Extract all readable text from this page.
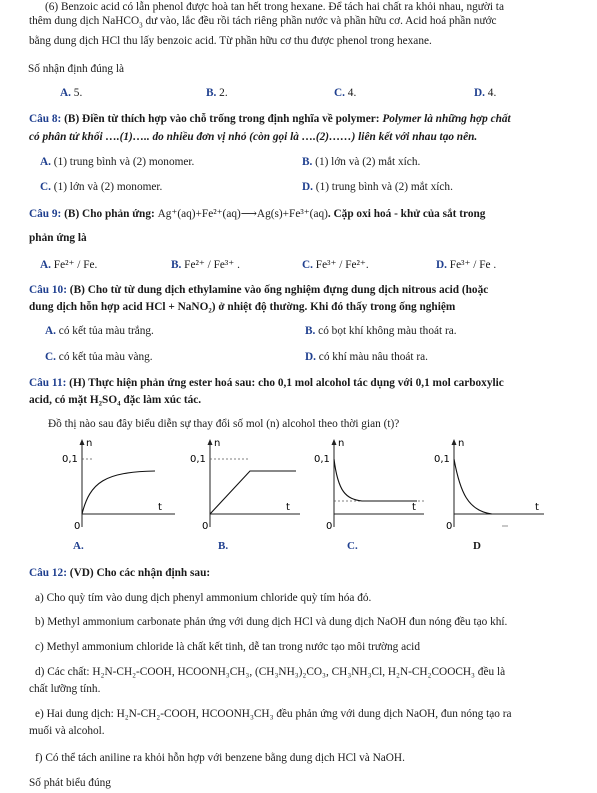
(6) Benzoic acid có lẫn phenol được hoà tan hết trong hexane. Để tách hai chất ra khỏi nhau, người ta
thêm dung dịch NaHCO$_3$ dư vào, lắc đều rồi tách riêng phần nước và phần hữu cơ. Acid hoá phần nước
bằng dung dịch HCl thu lấy benzoic acid. Từ phần hữu cơ thu được phenol trong hexane.
Số nhận định đúng là
A. 5.	B. 2.	C. 4.	D. 4.
Câu 8: (B) Điền từ thích hợp vào chỗ trống trong định nghĩa về polymer: Polymer là những hợp chất
có phân tử khối ….(1)….. do nhiều đơn vị nhỏ (còn gọi là ….(2)……) liên kết với nhau tạo nên.
A. (1) trung bình và (2) monomer.	B. (1) lớn và (2) mắt xích.
C. (1) lớn và (2) monomer.	D. (1) trung bình và (2) mắt xích.
Câu 9: (B) Cho phản ứng: Ag⁺(aq)+Fe²⁺(aq)⟶Ag(s)+Fe³⁺(aq). Cặp oxi hoá - khử của sắt trong
phản ứng là
A. Fe²⁺ / Fe.	B. Fe²⁺ / Fe³⁺ .	C. Fe³⁺ / Fe²⁺.	D. Fe³⁺ / Fe .
Câu 10: (B) Cho từ từ dung dịch ethylamine vào ống nghiệm đựng dung dịch nitrous acid (hoặc
dung dịch hỗn hợp acid HCl + NaNO₂) ở nhiệt độ thường. Khi đó thấy trong ống nghiệm
A. có kết tủa màu trắng.	B. có bọt khí không màu thoát ra.
C. có kết tủa màu vàng.	D. có khí màu nâu thoát ra.
Câu 11: (H) Thực hiện phản ứng ester hoá sau: cho 0,1 mol alcohol tác dụng với 0,1 mol carboxylic
acid, có mặt H₂SO₄ đặc làm xúc tác.
Đồ thị nào sau đây biểu diễn sự thay đổi số mol (n) alcohol theo thời gian (t)?
n
0,1
t
0
A.
n
0,1
t
0
B.
n
0,1
t
0
C.
n
0,1
t
0
D
Câu 12: (VD) Cho các nhận định sau:
a) Cho quỳ tím vào dung dịch phenyl ammonium chloride quỳ tím hóa đỏ.
b) Methyl ammonium carbonate phản ứng với dung dịch HCl và dung dịch NaOH đun nóng đều tạo khí.
c) Methyl ammonium chloride là chất kết tinh, dễ tan trong nước tạo môi trường acid
d) Các chất: H₂N-CH₂-COOH, HCOONH₃CH₃, (CH₃NH₃)₂CO₃, CH₃NH₃Cl, H₂N-CH₂COOCH₃ đều là
chất lưỡng tính.
e) Hai dung dịch: H₂N-CH₂-COOH, HCOONH₃CH₃ đều phản ứng với dung dịch NaOH, đun nóng tạo ra
muối và alcohol.
f) Có thể tách aniline ra khỏi hỗn hợp với benzene bằng dung dịch HCl và NaOH.
Số phát biểu đúng
